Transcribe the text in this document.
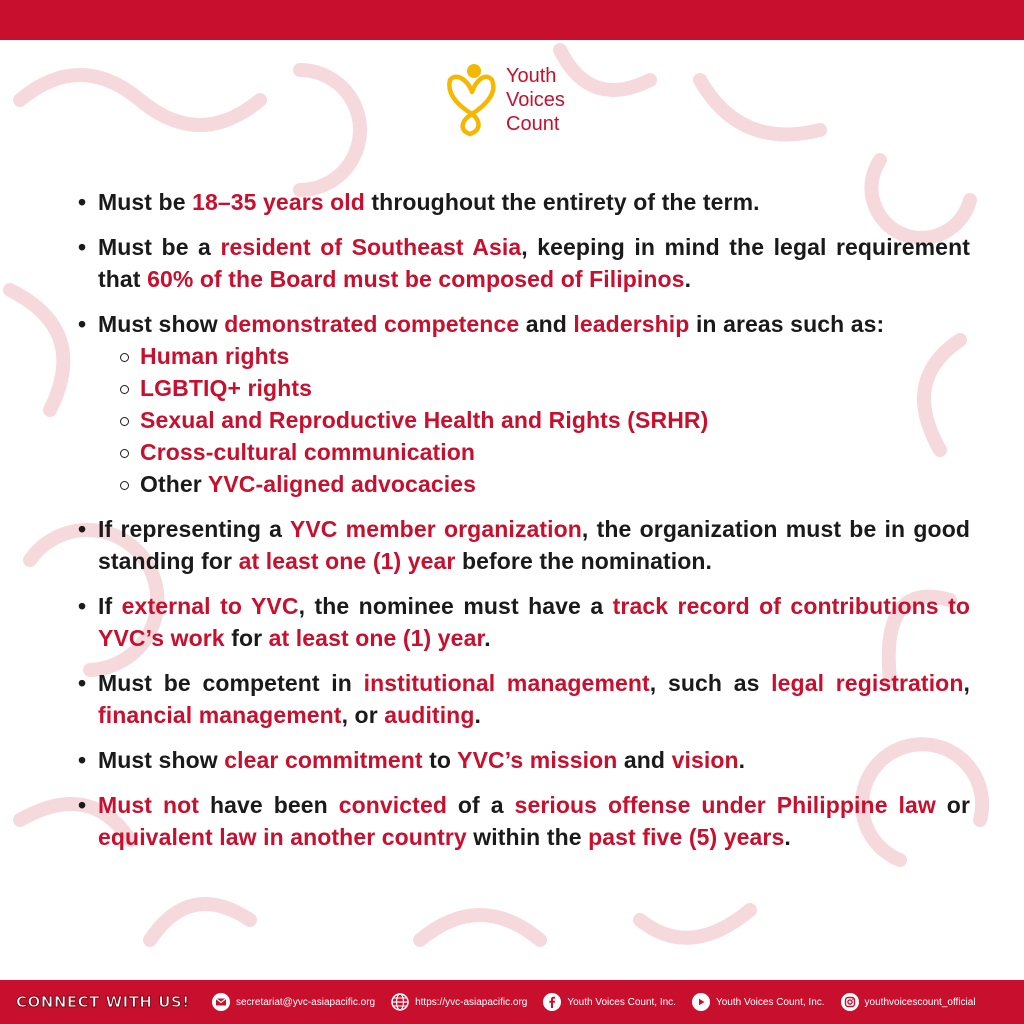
Youth
Voices
Count
• Must be 18–35 years old throughout the entirety of the term.
• Must be a resident of Southeast Asia, keeping in mind the legal requirement that 60% of the Board must be composed of Filipinos.
• Must show demonstrated competence and leadership in areas such as:
Human rights
LGBTIQ+ rights
Sexual and Reproductive Health and Rights (SRHR)
Cross-cultural communication
Other YVC-aligned advocacies
• If representing a YVC member organization, the organization must be in good standing for at least one (1) year before the nomination.
• If external to YVC, the nominee must have a track record of contributions to YVC’s work for at least one (1) year.
• Must be competent in institutional management, such as legal registration, financial management, or auditing.
• Must show clear commitment to YVC’s mission and vision.
• Must not have been convicted of a serious offense under Philippine law or equivalent law in another country within the past five (5) years.
CONNECT WITH US!	secretariat@yvc-asiapacific.org	https://yvc-asiapacific.org	Youth Voices Count, Inc.	Youth Voices Count, Inc.	youthvoicescount_official
